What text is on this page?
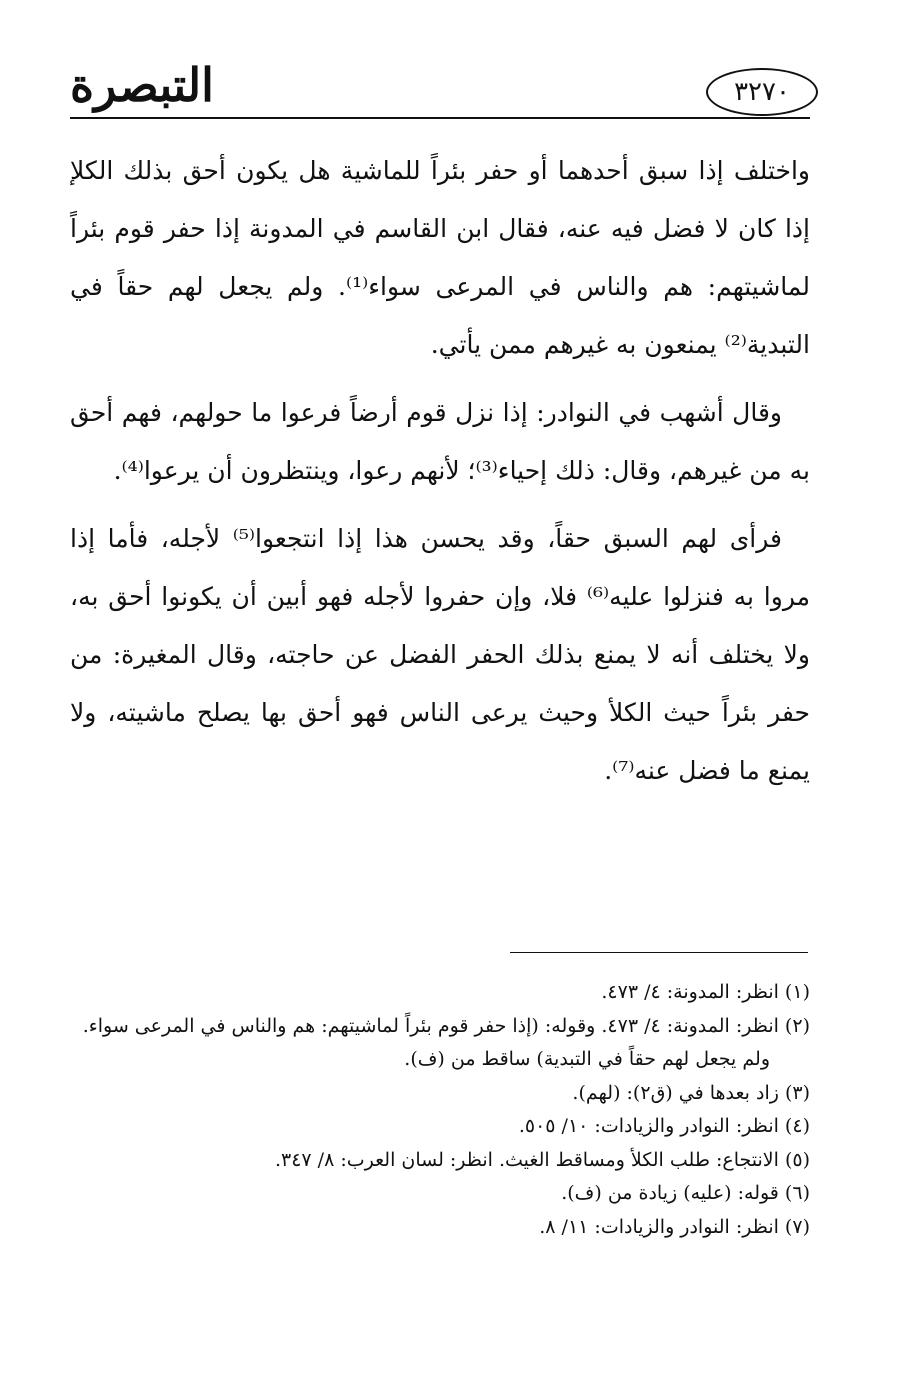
٣٢٧٠
التبصرة

واختلف إذا سبق أحدهما أو حفر بئراً للماشية هل يكون أحق بذلك الكلإ إذا كان لا فضل فيه عنه، فقال ابن القاسم في المدونة إذا حفر قوم بئراً لماشيتهم: هم والناس في المرعى سواء⁽¹⁾. ولم يجعل لهم حقاً في التبدية⁽²⁾ يمنعون به غيرهم ممن يأتي.

وقال أشهب في النوادر: إذا نزل قوم أرضاً فرعوا ما حولهم، فهم أحق به من غيرهم، وقال: ذلك إحياء⁽³⁾؛ لأنهم رعوا، وينتظرون أن يرعوا⁽⁴⁾.

فرأى لهم السبق حقاً، وقد يحسن هذا إذا انتجعوا⁽⁵⁾ لأجله، فأما إذا مروا به فنزلوا عليه⁽⁶⁾ فلا، وإن حفروا لأجله فهو أبين أن يكونوا أحق به، ولا يختلف أنه لا يمنع بذلك الحفر الفضل عن حاجته، وقال المغيرة: من حفر بئراً حيث الكلأ وحيث يرعى الناس فهو أحق بها يصلح ماشيته، ولا يمنع ما فضل عنه⁽⁷⁾.

(١) انظر: المدونة: ٤/ ٤٧٣.

(٢) انظر: المدونة: ٤/ ٤٧٣. وقوله: (إذا حفر قوم بئراً لماشيتهم: هم والناس في المرعى سواء.

ولم يجعل لهم حقاً في التبدية) ساقط من (ف).

(٣) زاد بعدها في (ق٢): (لهم).

(٤) انظر: النوادر والزيادات: ١٠/ ٥٠٥.

(٥) الانتجاع: طلب الكلأ ومساقط الغيث. انظر: لسان العرب: ٨/ ٣٤٧.

(٦) قوله: (عليه) زيادة من (ف).

(٧) انظر: النوادر والزيادات: ١١/ ٨.
